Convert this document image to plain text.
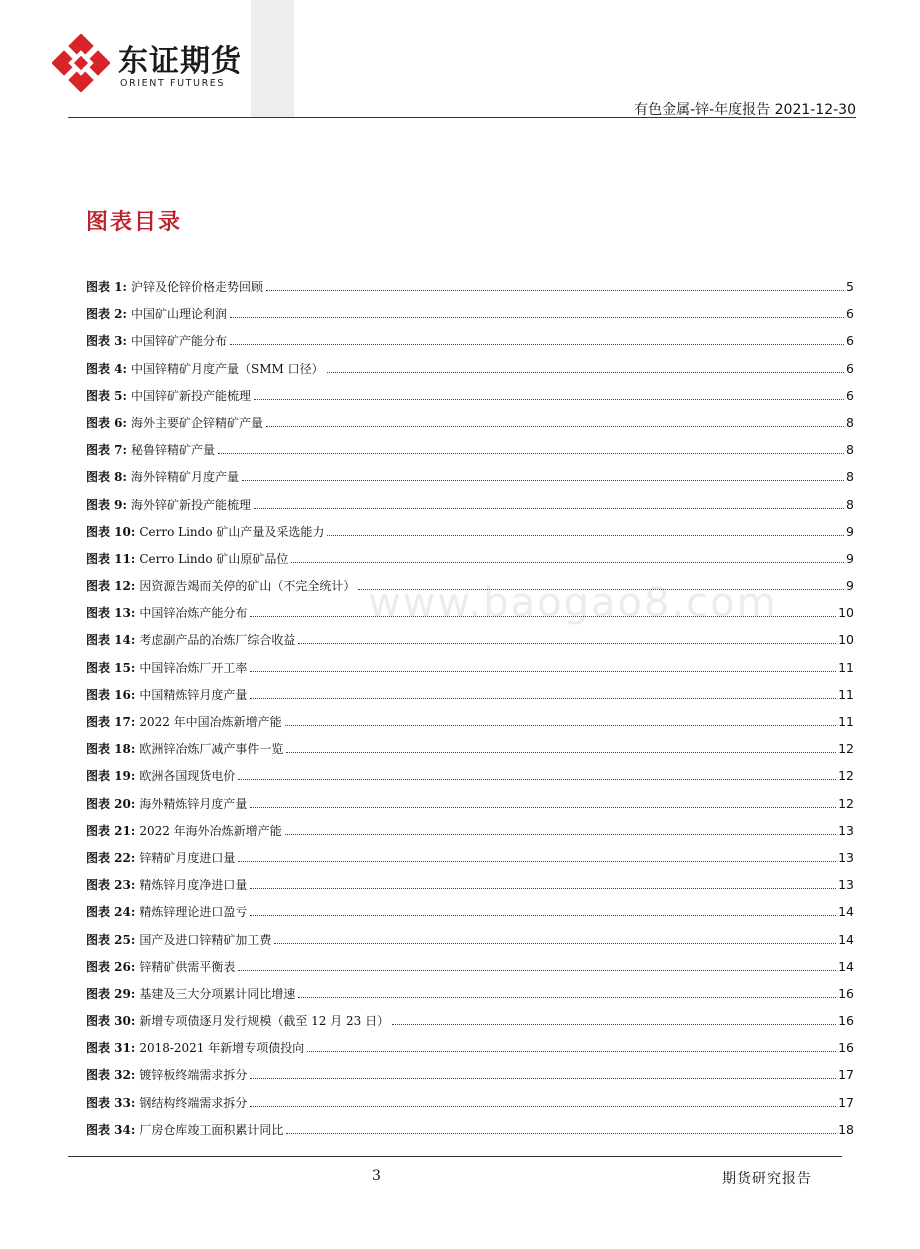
东证期货
ORIENT FUTURES
有色金属-锌-年度报告 2021-12-30
图表目录
www.baogao8.com
图表 1: 沪锌及伦锌价格走势回顾	5
图表 2: 中国矿山理论利润	6
图表 3: 中国锌矿产能分布	6
图表 4: 中国锌精矿月度产量（SMM 口径）	6
图表 5: 中国锌矿新投产能梳理	6
图表 6: 海外主要矿企锌精矿产量	8
图表 7: 秘鲁锌精矿产量	8
图表 8: 海外锌精矿月度产量	8
图表 9: 海外锌矿新投产能梳理	8
图表 10: Cerro Lindo 矿山产量及采选能力	9
图表 11: Cerro Lindo 矿山原矿品位	9
图表 12: 因资源告竭而关停的矿山（不完全统计）	9
图表 13: 中国锌冶炼产能分布	10
图表 14: 考虑副产品的冶炼厂综合收益	10
图表 15: 中国锌冶炼厂开工率	11
图表 16: 中国精炼锌月度产量	11
图表 17: 2022 年中国冶炼新增产能	11
图表 18: 欧洲锌冶炼厂减产事件一览	12
图表 19: 欧洲各国现货电价	12
图表 20: 海外精炼锌月度产量	12
图表 21: 2022 年海外冶炼新增产能	13
图表 22: 锌精矿月度进口量	13
图表 23: 精炼锌月度净进口量	13
图表 24: 精炼锌理论进口盈亏	14
图表 25: 国产及进口锌精矿加工费	14
图表 26: 锌精矿供需平衡表	14
图表 29: 基建及三大分项累计同比增速	16
图表 30: 新增专项债逐月发行规模（截至 12 月 23 日）	16
图表 31: 2018-2021 年新增专项债投向	16
图表 32: 镀锌板终端需求拆分	17
图表 33: 钢结构终端需求拆分	17
图表 34: 厂房仓库竣工面积累计同比	18
3	期货研究报告
